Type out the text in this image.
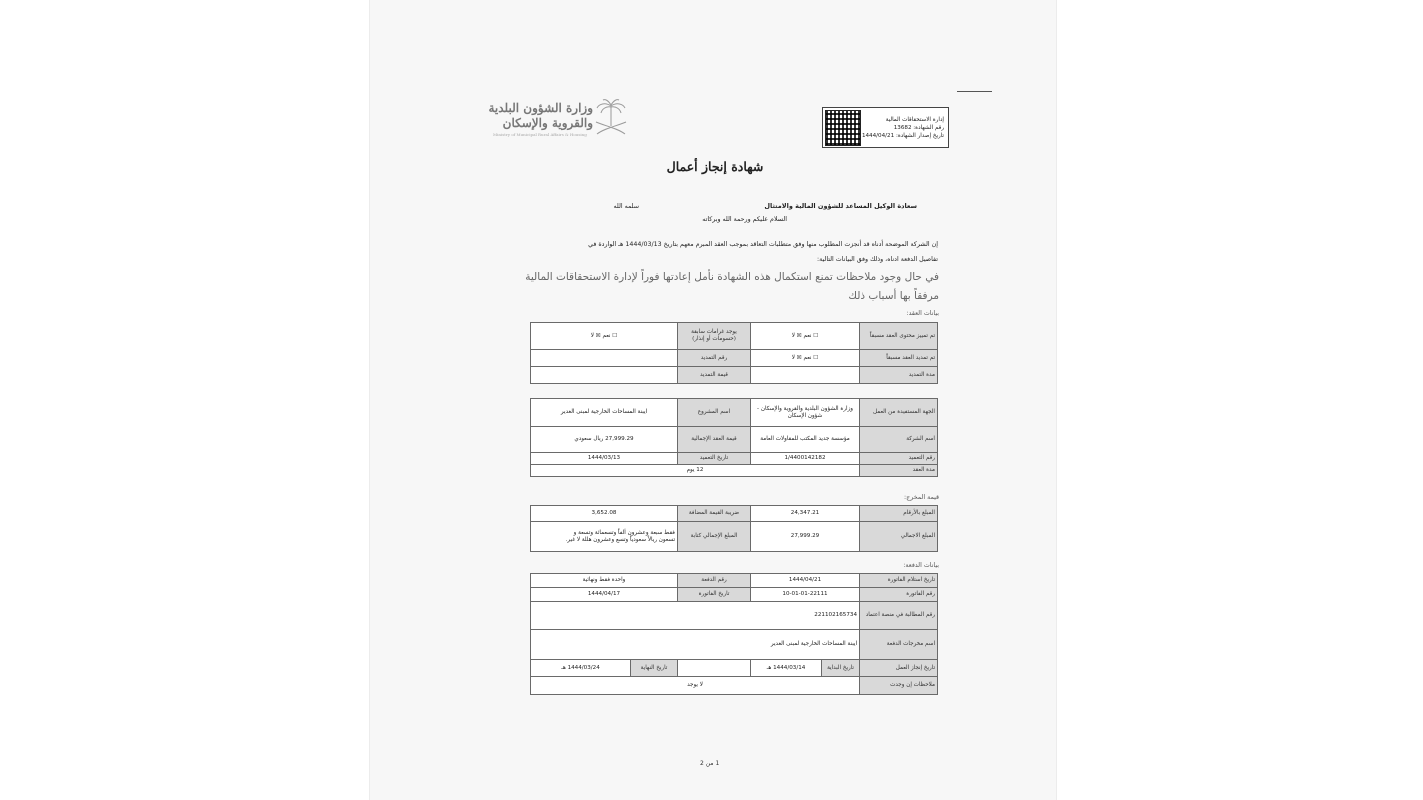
إدارة الاستحقاقات المالية
رقم الشهادة: 13682
تاريخ إصدار الشهادة: 1444/04/21
وزارة الشؤون البلدية
والقروية والإسكان
Ministry of Municipal Rural Affairs & Housing
شهادة إنجاز أعمال
سعادة الوكيل المساعد للشؤون المالية والامتثال
سلمه الله
السلام عليكم ورحمة الله وبركاته
إن الشركة الموضحة أدناه قد أنجزت المطلوب منها وفق متطلبات التعاقد بموجب العقد المبرم معهم بتاريخ 1444/03/13 هـ الواردة في
تفاصيل الدفعة ادناه، وذلك وفق البيانات التالية:
في حال وجود ملاحظات تمنع استكمال هذه الشهادة نأمل إعادتها فوراً لإدارة الاستحقاقات المالية
مرفقاً بها أسباب ذلك
بيانات العقد:
تم تمييز محتوى العقد مسبقاً	☐ نعم ☒ لا	يوجد غرامات سابقة (حسومات أو إنذار)	☐ نعم ☒ لا
تم تمديد العقد مسبقاً	☐ نعم ☒ لا	رقم التمديد	
مدة التمديد		قيمة التمديد	
الجهة المستفيدة من العمل	وزارة الشؤون البلدية والقروية والإسكان - شؤون الإسكان	اسم المشروع	ايبنة المساحات الخارجية لمبنى الغدير
اسم الشركة	مؤسسة جديد المكتب للمقاولات العامة	قيمة العقد الإجمالية	27,999.29 ريال سعودي
رقم التعميد	1/4400142182	تاريخ التعميد	1444/03/13
مدة العقد	12 يوم		
قيمة المخرج:
المبلغ بالأرقام	24,347.21	ضريبة القيمة المضافة	3,652.08
المبلغ الاجمالي	27,999.29	المبلغ الإجمالي كتابة	فقط سبعة وعشرون ألفاً وتسعمائة وتسعة و
تسعون ريالاً سعودياً وتسع وعشرون هللة لا غير.
بيانات الدفعة:
تاريخ استلام الفاتورة	1444/04/21		رقم الدفعة	واحدة فقط ونهائية	
رقم الفاتورة	10-01-01-22111		تاريخ الفاتورة	1444/04/17	
رقم المطالبة في منصة اعتماد	221102165734				
اسم مخرجات الدفعة	ايبنة المساحات الخارجية لمبنى الغدير				
تاريخ إنجاز العمل	تاريخ البداية	1444/03/14 هـ		تاريخ النهاية	1444/03/24 هـ
ملاحظات إن وجدت	لا يوجد				
1 من 2
